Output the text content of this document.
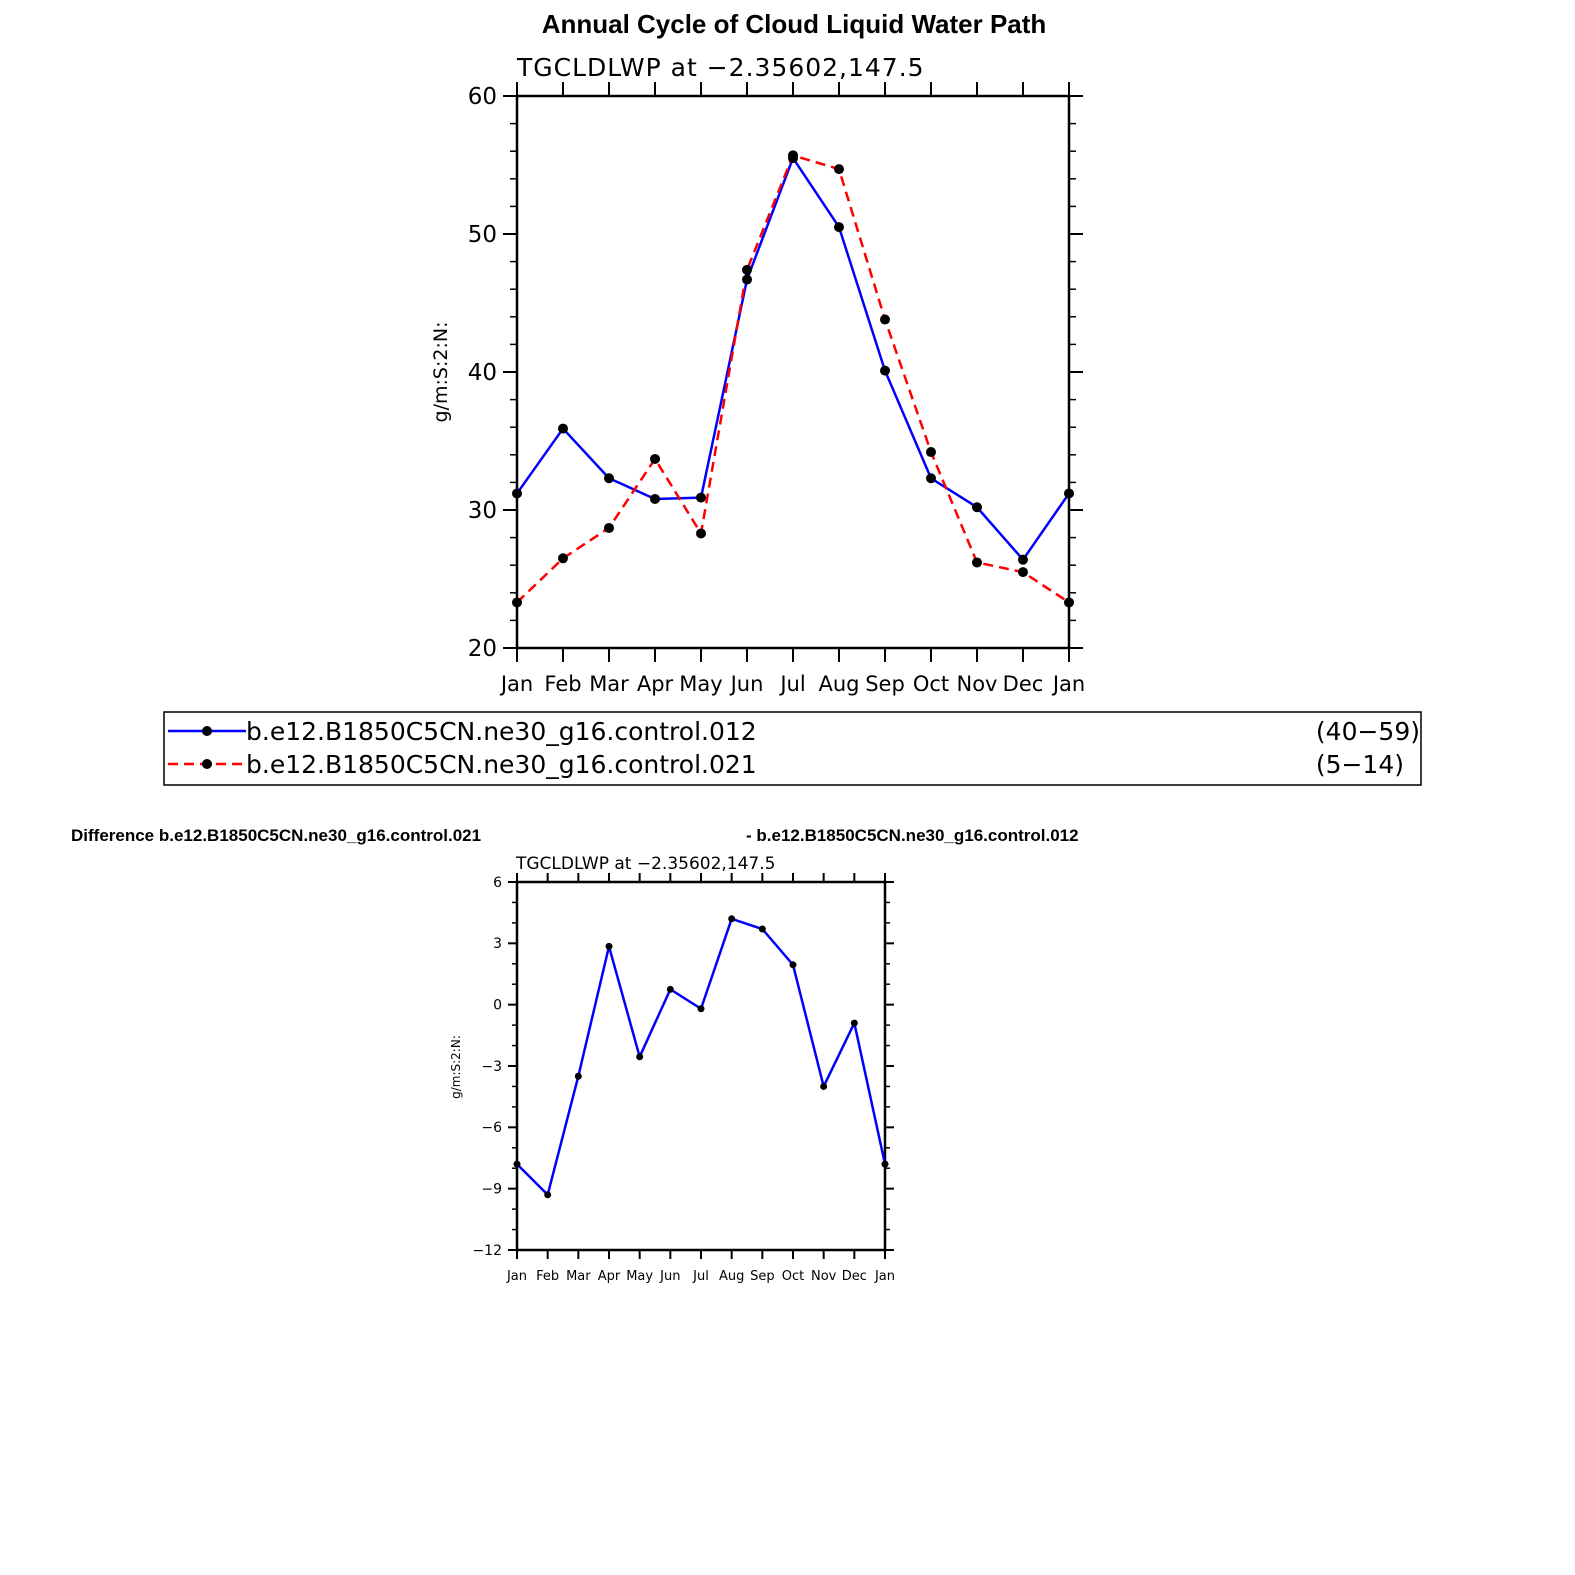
Annual Cycle of Cloud Liquid Water Path
TGCLDLWP at −2.35602,147.5
g/m:S:2:N:
20
30
40
50
60
Jan Feb Mar Apr May Jun Jul Aug Sep Oct Nov Dec Jan
b.e12.B1850C5CN.ne30_g16.control.012	(40−59)
b.e12.B1850C5CN.ne30_g16.control.021	(5−14)
Difference b.e12.B1850C5CN.ne30_g16.control.021	- b.e12.B1850C5CN.ne30_g16.control.012
TGCLDLWP at −2.35602,147.5
g/m:S:2:N:
−12
−9
−6
−3
0
3
6
Jan Feb Mar Apr May Jun Jul Aug Sep Oct Nov Dec Jan
